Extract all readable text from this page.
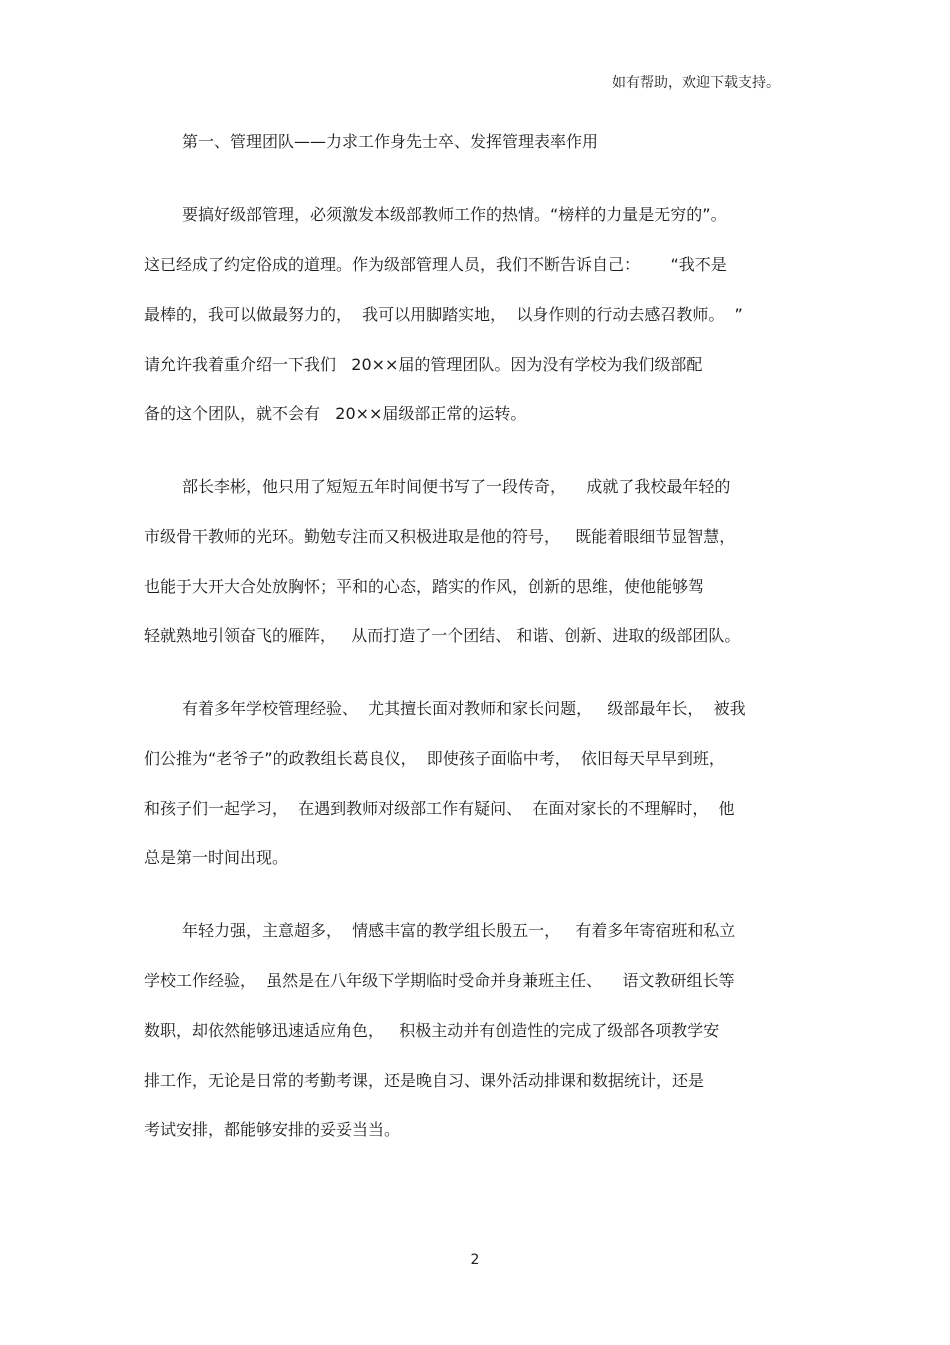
如有帮助，欢迎下载支持。
第一、管理团队——力求工作身先士卒、发挥管理表率作用
要搞好级部管理，必须激发本级部教师工作的热情。“榜样的力量是无穷的”。
这已经成了约定俗成的道理。作为级部管理人员，我们不断告诉自己：      “我不是
最棒的，我可以做最努力的，  我可以用脚踏实地，  以身作则的行动去感召教师。  ”
请允许我着重介绍一下我们   20××届的管理团队。因为没有学校为我们级部配
备的这个团队，就不会有   20××届级部正常的运转。
部长李彬，他只用了短短五年时间便书写了一段传奇，    成就了我校最年轻的
市级骨干教师的光环。勤勉专注而又积极进取是他的符号，   既能着眼细节显智慧，
也能于大开大合处放胸怀；平和的心态，踏实的作风，创新的思维，使他能够驾
轻就熟地引领奋飞的雁阵，   从而打造了一个团结、 和谐、创新、进取的级部团队。
有着多年学校管理经验、  尤其擅长面对教师和家长问题，   级部最年长，  被我
们公推为“老爷子”的政教组长葛良仪，  即使孩子面临中考，  依旧每天早早到班，
和孩子们一起学习，  在遇到教师对级部工作有疑问、  在面对家长的不理解时，  他
总是第一时间出现。
年轻力强，主意超多，  情感丰富的教学组长殷五一，   有着多年寄宿班和私立
学校工作经验，  虽然是在八年级下学期临时受命并身兼班主任、    语文教研组长等
数职，却依然能够迅速适应角色，   积极主动并有创造性的完成了级部各项教学安
排工作，无论是日常的考勤考课，还是晚自习、课外活动排课和数据统计，还是
考试安排，都能够安排的妥妥当当。
2
